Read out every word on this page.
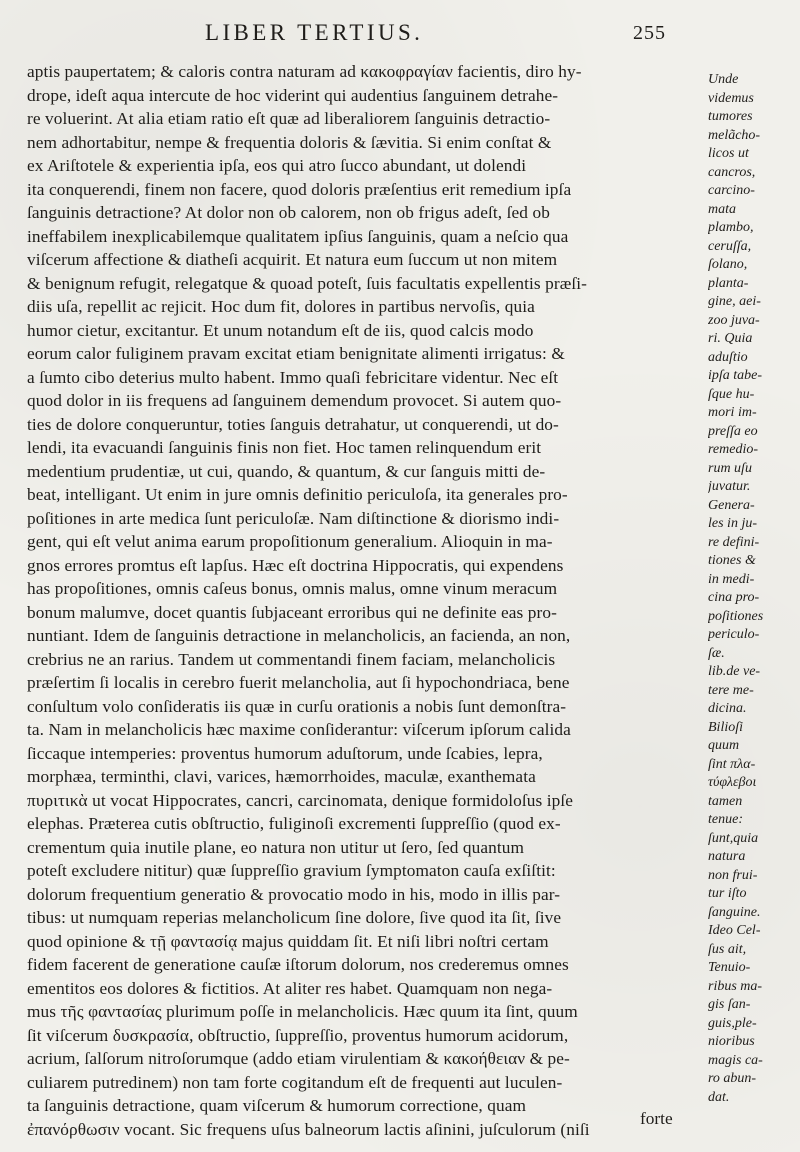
LIBER TERTIUS.	255
aptis paupertatem; & caloris contra naturam ad κακοφραγίαν facientis, diro hy-
drope, ideſt aqua intercute de hoc viderint qui audentius ſanguinem detrahe-
re voluerint. At alia etiam ratio eſt quæ ad liberaliorem ſanguinis detractio-
nem adhortabitur, nempe & frequentia doloris & ſævitia. Si enim conſtat &
ex Ariſtotele & experientia ipſa, eos qui atro ſucco abundant, ut dolendi
ita conquerendi, finem non facere, quod doloris præſentius erit remedium ipſa
ſanguinis detractione? At dolor non ob calorem, non ob frigus adeſt, ſed ob
ineffabilem inexplicabilemque qualitatem ipſius ſanguinis, quam a neſcio qua
viſcerum affectione & diatheſi acquirit. Et natura eum ſuccum ut non mitem
& benignum refugit, relegatque & quoad poteſt, ſuis facultatis expellentis præſi-
diis uſa, repellit ac rejicit. Hoc dum fit, dolores in partibus nervoſis, quia
humor cietur, excitantur. Et unum notandum eſt de iis, quod calcis modo
eorum calor fuliginem pravam excitat etiam benignitate alimenti irrigatus: &
a ſumto cibo deterius multo habent. Immo quaſi febricitare videntur. Nec eſt
quod dolor in iis frequens ad ſanguinem demendum provocet. Si autem quo-
ties de dolore conqueruntur, toties ſanguis detrahatur, ut conquerendi, ut do-
lendi, ita evacuandi ſanguinis finis non fiet. Hoc tamen relinquendum erit
medentium prudentiæ, ut cui, quando, & quantum, & cur ſanguis mitti de-
beat, intelligant. Ut enim in jure omnis definitio periculoſa, ita generales pro-
poſitiones in arte medica ſunt periculoſæ. Nam diſtinctione & diorismo indi-
gent, qui eſt velut anima earum propoſitionum generalium. Alioquin in ma-
gnos errores promtus eſt lapſus. Hæc eſt doctrina Hippocratis, qui expendens
has propoſitiones, omnis caſeus bonus, omnis malus, omne vinum meracum
bonum malumve, docet quantis ſubjaceant erroribus qui ne definite eas pro-
nuntiant. Idem de ſanguinis detractione in melancholicis, an facienda, an non,
crebrius ne an rarius. Tandem ut commentandi finem faciam, melancholicis
præſertim ſi localis in cerebro fuerit melancholia, aut ſi hypochondriaca, bene
conſultum volo conſideratis iis quæ in curſu orationis a nobis ſunt demonſtra-
ta. Nam in melancholicis hæc maxime conſiderantur: viſcerum ipſorum calida
ſiccaque intemperies: proventus humorum aduſtorum, unde ſcabies, lepra,
morphæa, terminthi, clavi, varices, hæmorrhoides, maculæ, exanthemata
πυριτικὰ ut vocat Hippocrates, cancri, carcinomata, denique formidoloſus ipſe
elephas. Præterea cutis obſtructio, fuliginoſi excrementi ſuppreſſio (quod ex-
crementum quia inutile plane, eo natura non utitur ut ſero, ſed quantum
poteſt excludere nititur) quæ ſuppreſſio gravium ſymptomaton cauſa exſiſtit:
dolorum frequentium generatio & provocatio modo in his, modo in illis par-
tibus: ut numquam reperias melancholicum ſine dolore, ſive quod ita ſit, ſive
quod opinione & τῇ φαντασίᾳ majus quiddam ſit. Et niſi libri noſtri certam
fidem facerent de generatione cauſæ iſtorum dolorum, nos crederemus omnes
ementitos eos dolores & fictitios. At aliter res habet. Quamquam non nega-
mus τῆς φαντασίας plurimum poſſe in melancholicis. Hæc quum ita ſint, quum
ſit viſcerum δυσκρασία, obſtructio, ſuppreſſio, proventus humorum acidorum,
acrium, ſalſorum nitroſorumque (addo etiam virulentiam & κακοήθειαν & pe-
culiarem putredinem) non tam forte cogitandum eſt de frequenti aut luculen-
ta ſanguinis detractione, quam viſcerum & humorum correctione, quam
ἐπανόρθωσιν vocant. Sic frequens uſus balneorum lactis aſinini, juſculorum (niſi
forte
Unde
videmus
tumores
melãcho-
licos ut
cancros,
carcino-
mata
plambo,
ceruſſa,
ſolano,
planta-
gine, aei-
zoo juva-
ri. Quia
aduſtio
ipſa tabe-
ſque hu-
mori im-
preſſa eo
remedio-
rum uſu
juvatur.
Genera-
les in ju-
re defini-
tiones &
in medi-
cina pro-
poſitiones
periculo-
ſæ.
lib.de ve-
tere me-
dicina.
Bilioſi
quum
ſint πλα-
τύφλεβοι
tamen
tenue:
ſunt,quia
natura
non frui-
tur iſto
ſanguine.
Ideo Cel-
ſus ait,
Tenuio-
ribus ma-
gis ſan-
guis,ple-
nioribus
magis ca-
ro abun-
dat.
